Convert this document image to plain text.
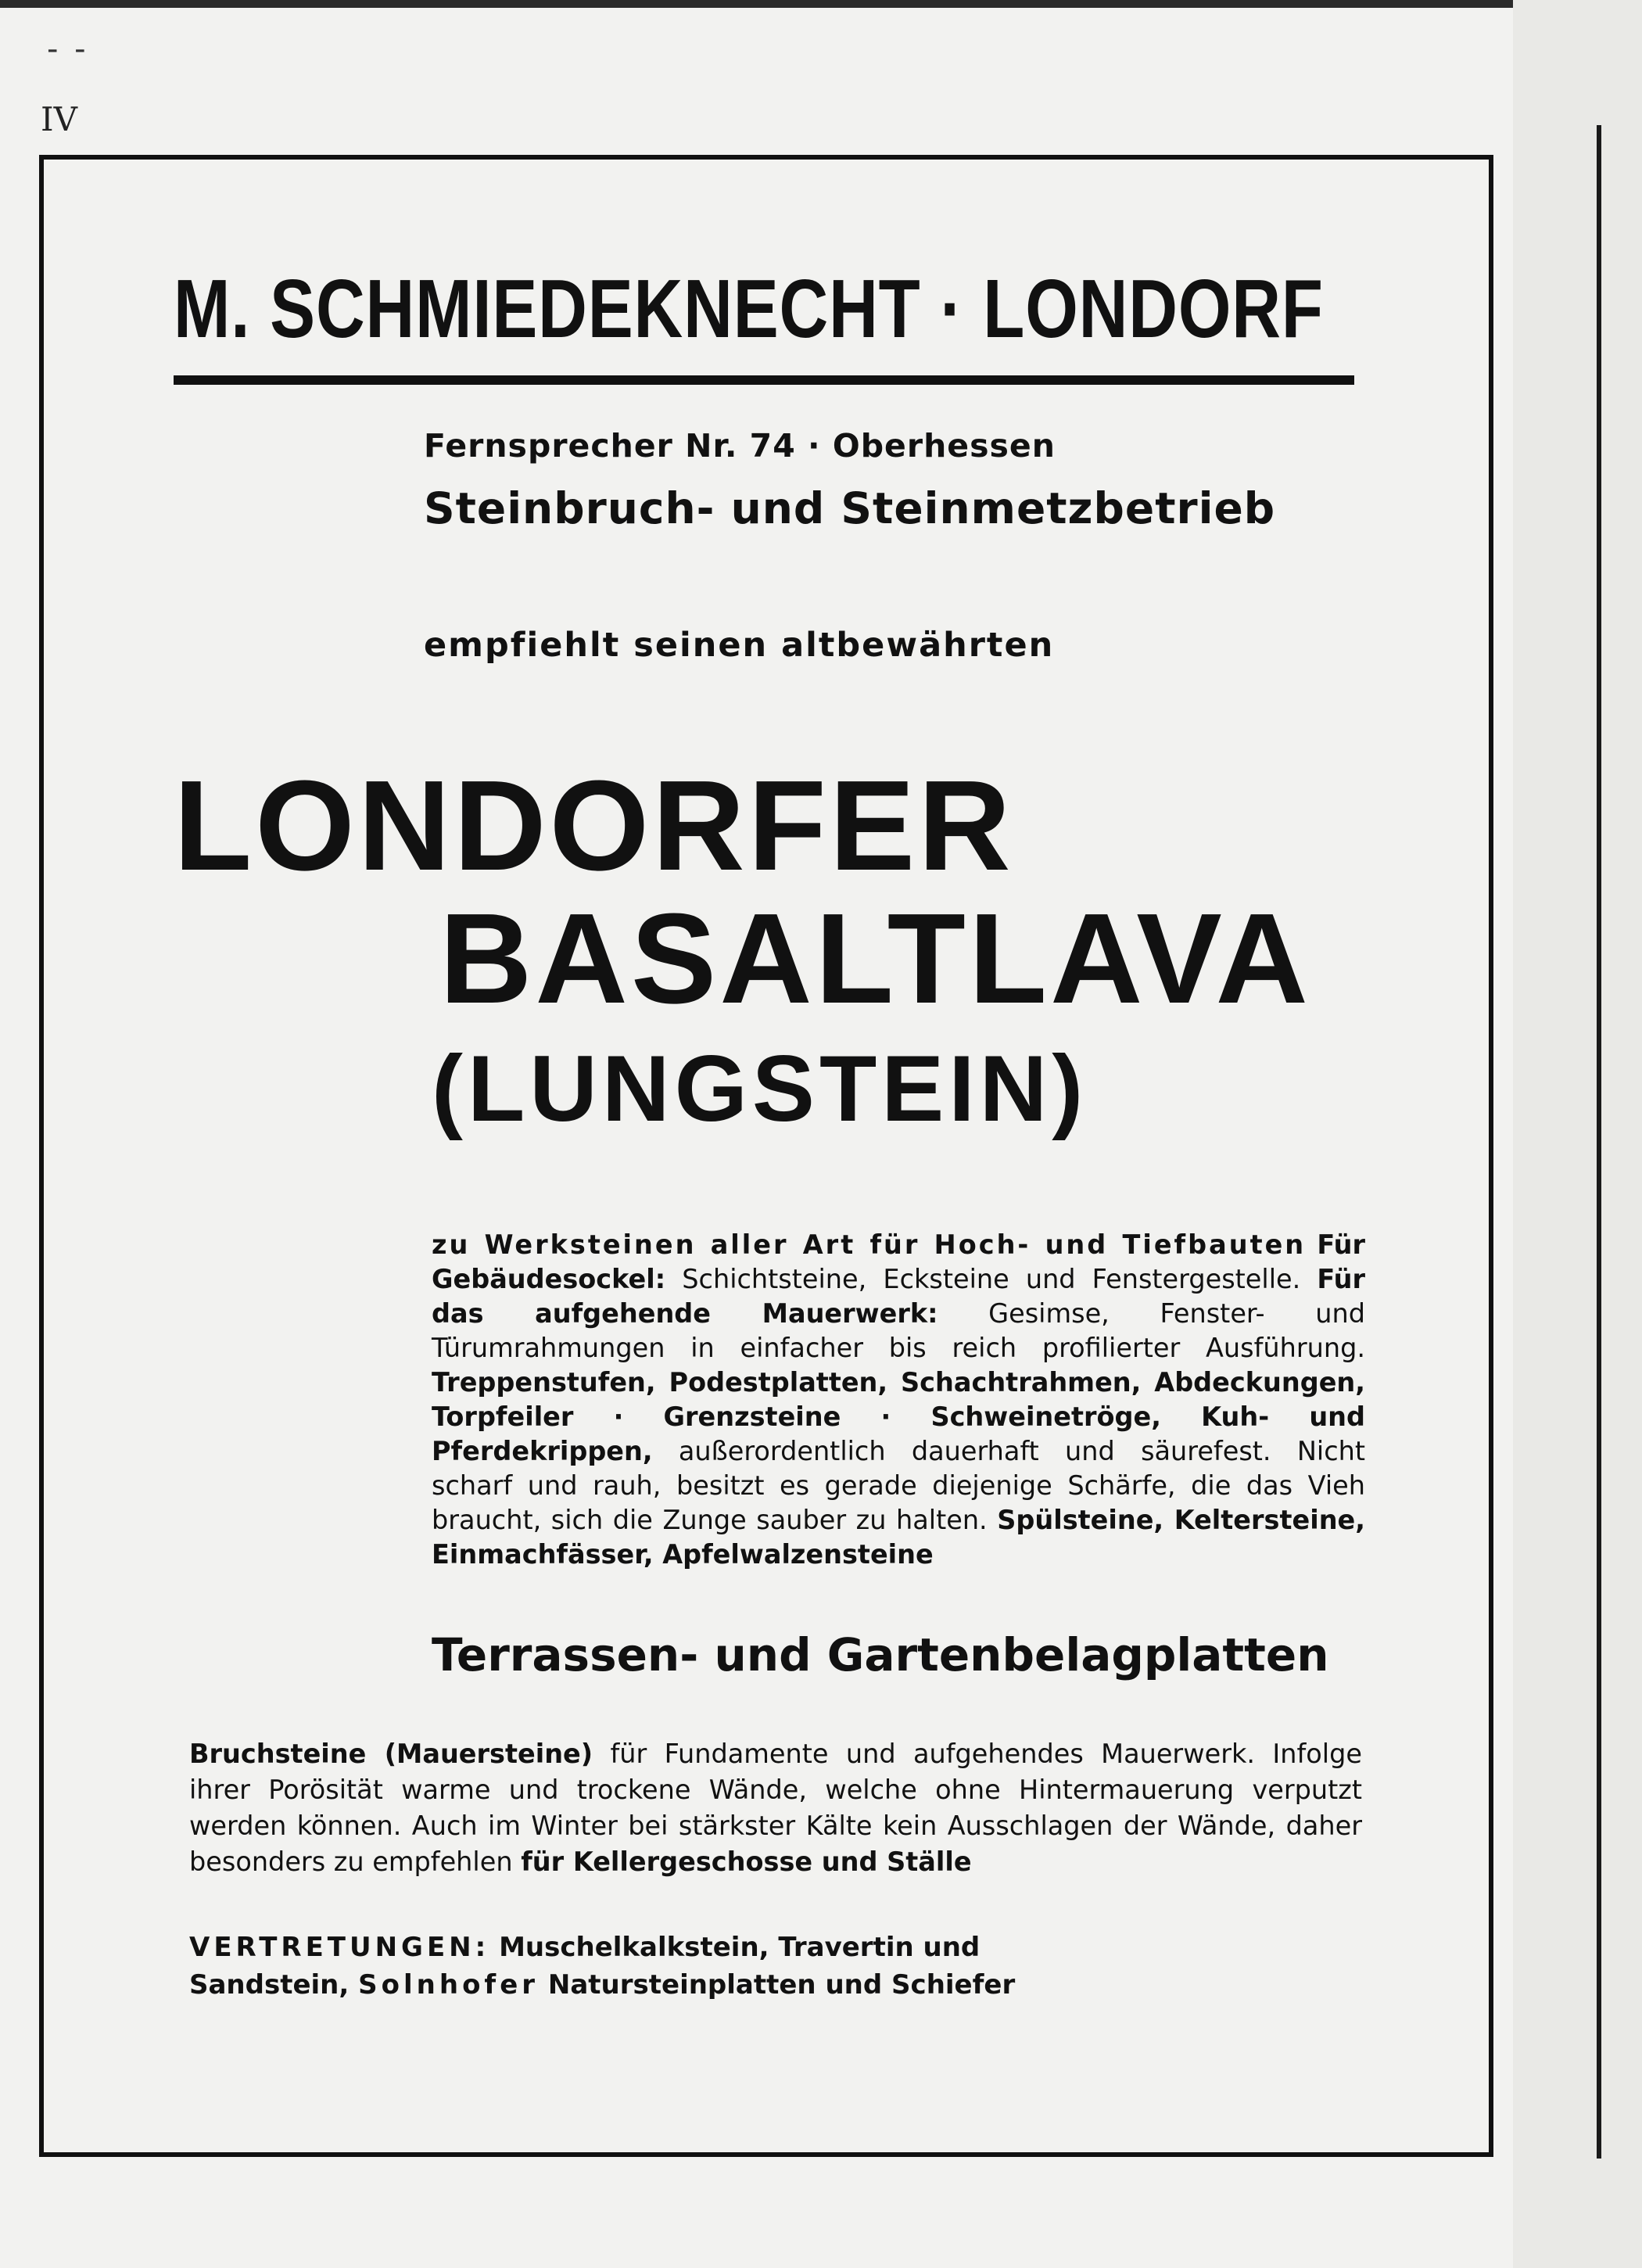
- -
IV
M. SCHMIEDEKNECHT · LONDORF
Fernsprecher Nr. 74 · Oberhessen
Steinbruch- und Steinmetzbetrieb
empfiehlt seinen altbewährten
LONDORFER
BASALTLAVA
(LUNGSTEIN)
zu Werksteinen aller Art für Hoch- und Tiefbauten Für Gebäudesockel: Schichtsteine, Ecksteine und Fenstergestelle. Für das aufgehende Mauerwerk: Gesimse, Fenster- und Türumrahmungen in einfacher bis reich profilierter Ausführung. Treppenstufen, Podestplatten, Schachtrahmen, Abdeckungen, Torpfeiler · Grenzsteine · Schweinetröge, Kuh- und Pferdekrippen, außerordentlich dauerhaft und säurefest. Nicht scharf und rauh, besitzt es gerade diejenige Schärfe, die das Vieh braucht, sich die Zunge sauber zu halten. Spülsteine, Keltersteine, Einmachfässer, Apfelwalzensteine
Terrassen- und Gartenbelagplatten
Bruchsteine (Mauersteine) für Fundamente und aufgehendes Mauerwerk. Infolge ihrer Porösität warme und trockene Wände, welche ohne Hintermauerung verputzt werden können. Auch im Winter bei stärkster Kälte kein Ausschlagen der Wände, daher besonders zu empfehlen für Kellergeschosse und Ställe
VERTRETUNGEN: Muschelkalkstein, Travertin und Sandstein, Solnhofer Natursteinplatten und Schiefer
